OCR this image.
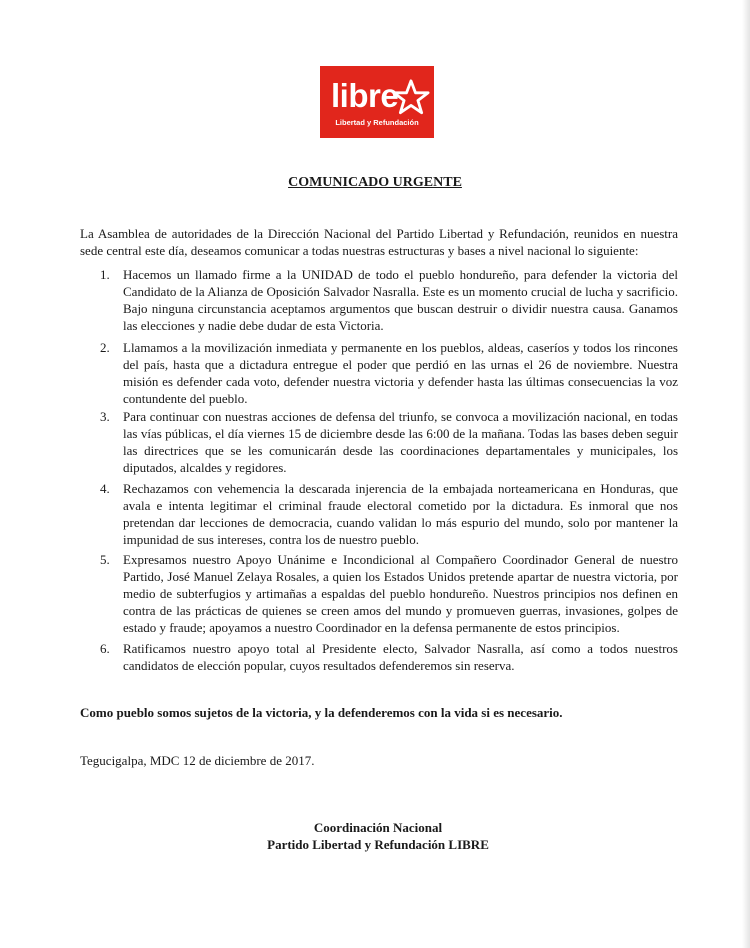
libre
Libertad y Refundación
COMUNICADO URGENTE

La Asamblea de autoridades de la Dirección Nacional del Partido Libertad y Refundación, reunidos en nuestra sede central este día, deseamos comunicar a todas nuestras estructuras y bases a nivel nacional lo siguiente:

1. Hacemos un llamado firme a la UNIDAD de todo el pueblo hondureño, para defender la victoria del Candidato de la Alianza de Oposición Salvador Nasralla. Este es un momento crucial de lucha y sacrificio. Bajo ninguna circunstancia aceptamos argumentos que buscan destruir o dividir nuestra causa. Ganamos las elecciones y nadie debe dudar de esta Victoria.
2. Llamamos a la movilización inmediata y permanente en los pueblos, aldeas, caseríos y todos los rincones del país, hasta que a dictadura entregue el poder que perdió en las urnas el 26 de noviembre. Nuestra misión es defender cada voto, defender nuestra victoria y defender hasta las últimas consecuencias la voz contundente del pueblo.
3. Para continuar con nuestras acciones de defensa del triunfo, se convoca a movilización nacional, en todas las vías públicas, el día viernes 15 de diciembre desde las 6:00 de la mañana. Todas las bases deben seguir las directrices que se les comunicarán desde las coordinaciones departamentales y municipales, los diputados, alcaldes y regidores.
4. Rechazamos con vehemencia la descarada injerencia de la embajada norteamericana en Honduras, que avala e intenta legitimar el criminal fraude electoral cometido por la dictadura. Es inmoral que nos pretendan dar lecciones de democracia, cuando validan lo más espurio del mundo, solo por mantener la impunidad de sus intereses, contra los de nuestro pueblo.
5. Expresamos nuestro Apoyo Unánime e Incondicional al Compañero Coordinador General de nuestro Partido, José Manuel Zelaya Rosales, a quien los Estados Unidos pretende apartar de nuestra victoria, por medio de subterfugios y artimañas a espaldas del pueblo hondureño. Nuestros principios nos definen en contra de las prácticas de quienes se creen amos del mundo y promueven guerras, invasiones, golpes de estado y fraude; apoyamos a nuestro Coordinador en la defensa permanente de estos principios.
6. Ratificamos nuestro apoyo total al Presidente electo, Salvador Nasralla, así como a todos nuestros candidatos de elección popular, cuyos resultados defenderemos sin reserva.
Como pueblo somos sujetos de la victoria, y la defenderemos con la vida si es necesario.
Tegucigalpa, MDC 12 de diciembre de 2017.
Coordinación Nacional
Partido Libertad y Refundación LIBRE
